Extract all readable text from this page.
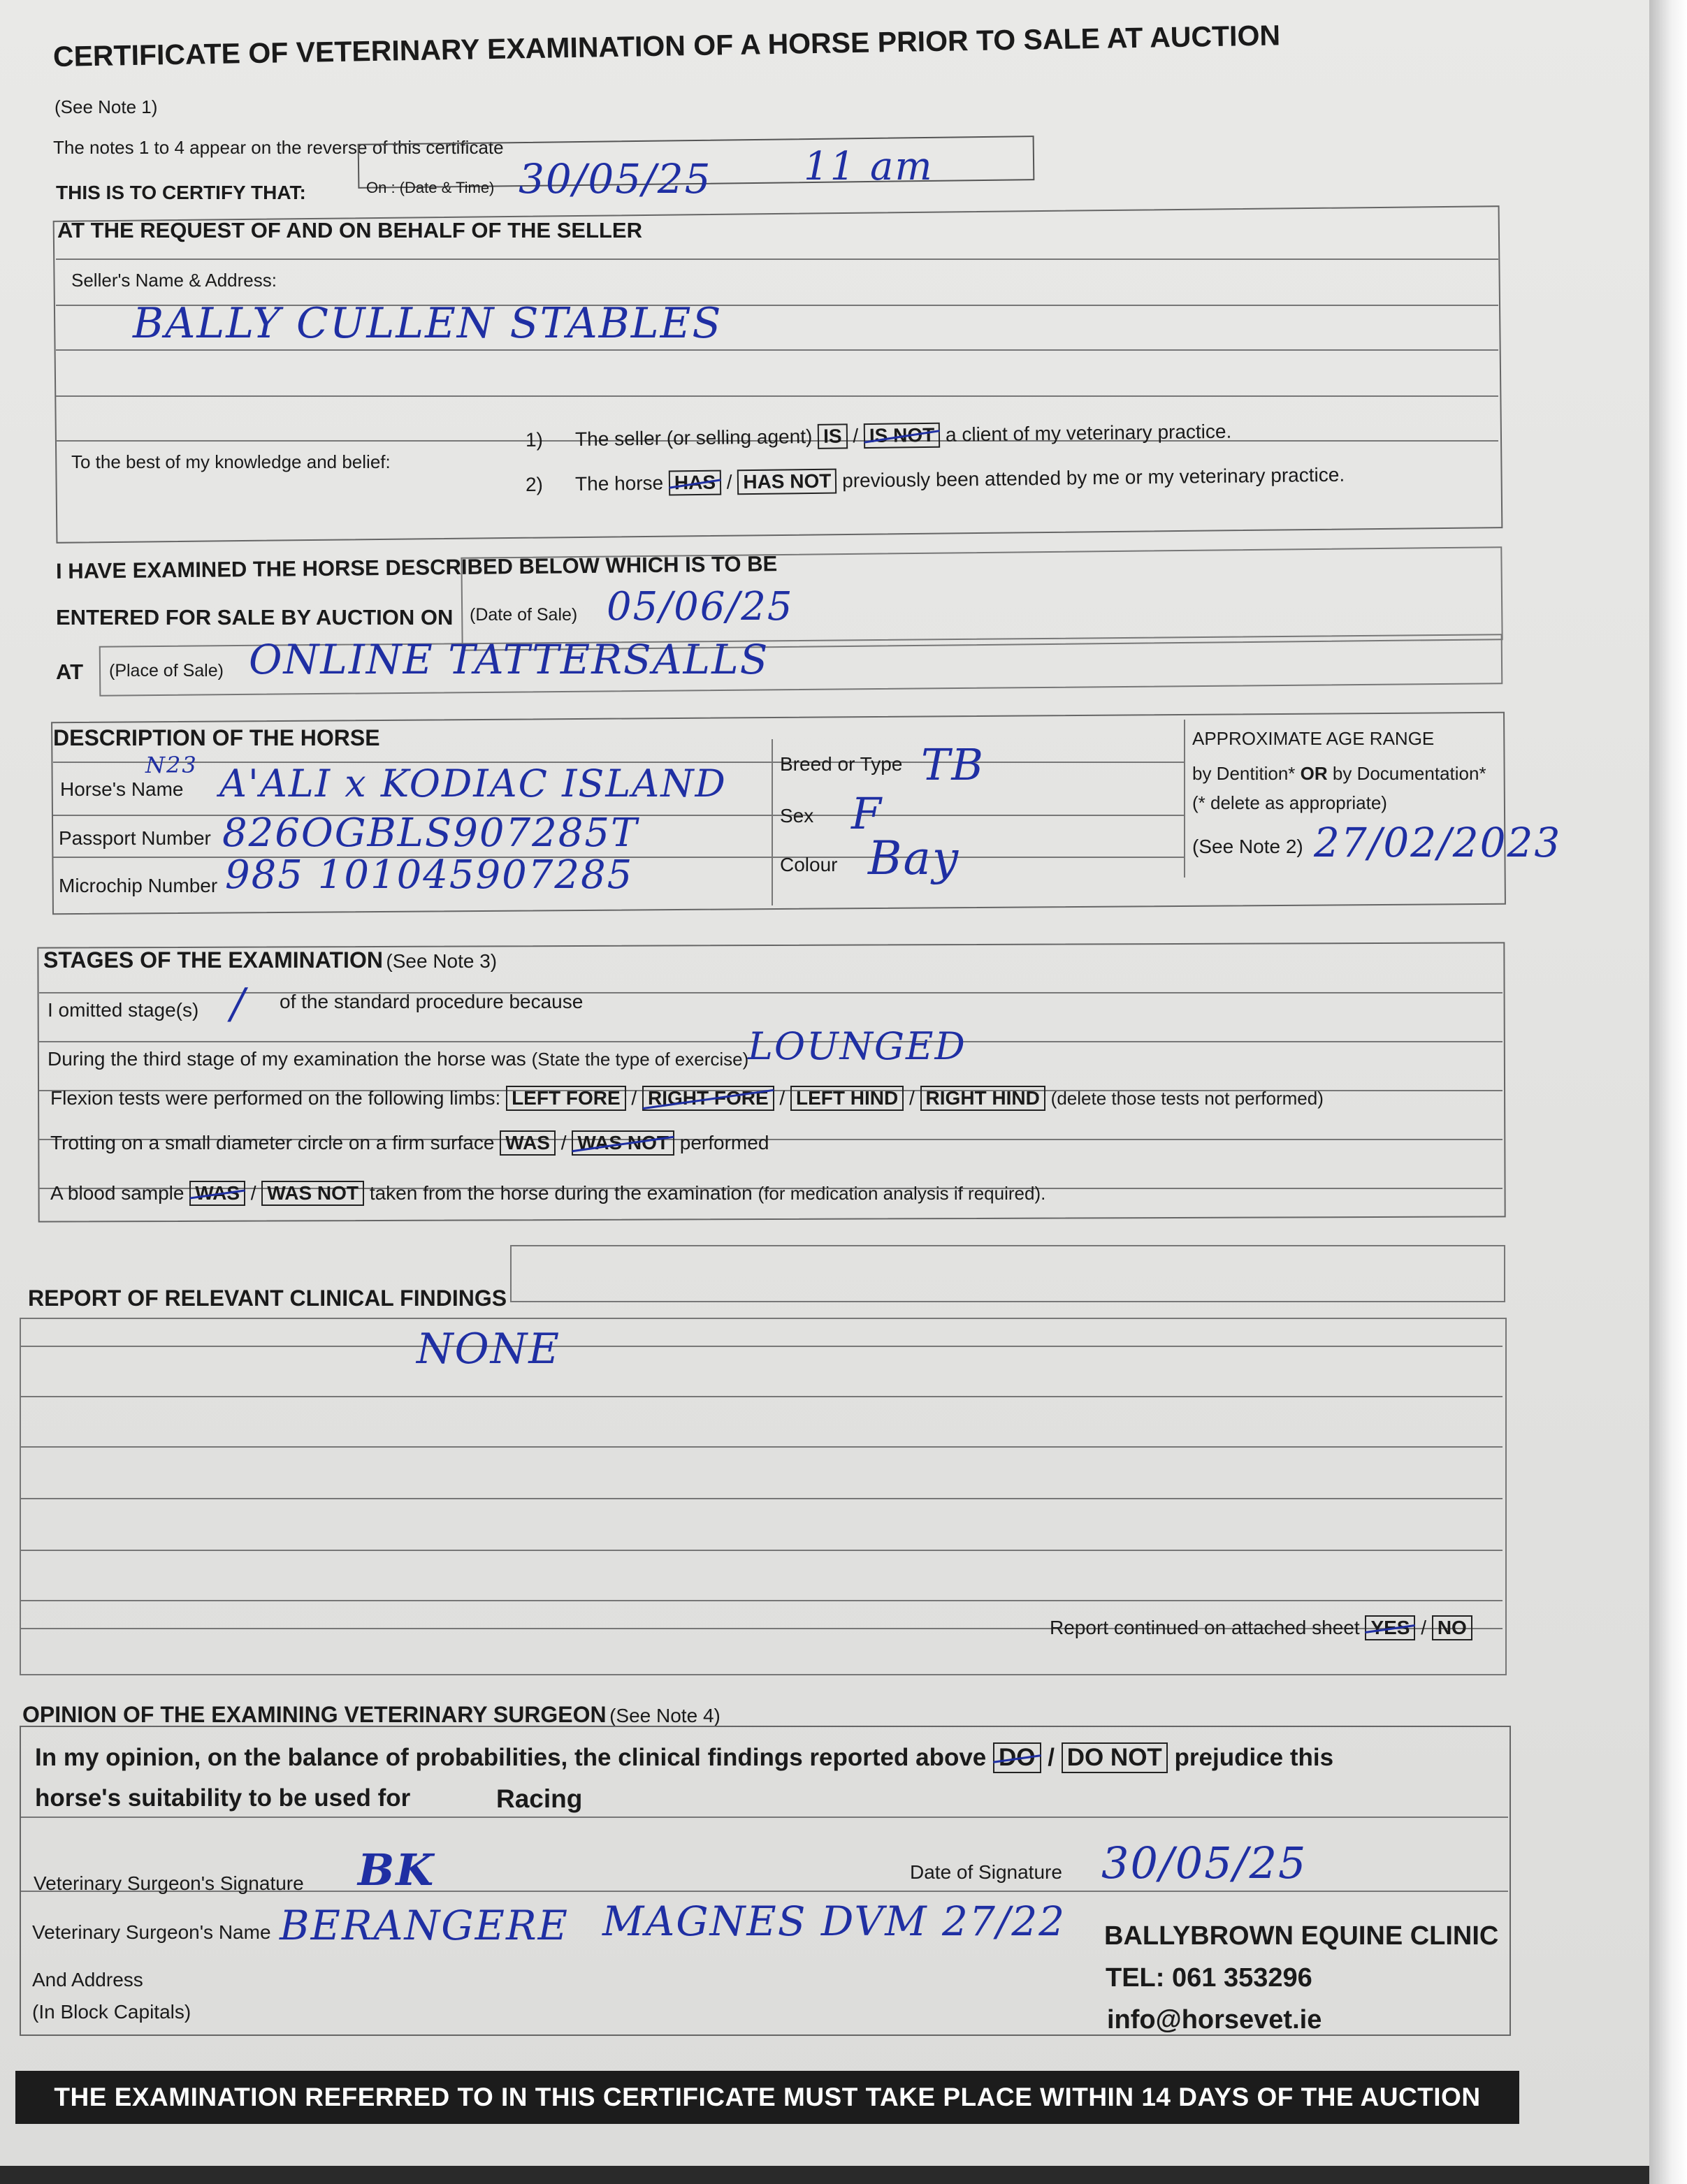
CERTIFICATE OF VETERINARY EXAMINATION OF A HORSE PRIOR TO SALE AT AUCTION
(See Note 1)
The notes 1 to 4 appear on the reverse of this certificate
THIS IS TO CERTIFY THAT:	On : (Date & Time) 30/05/25 11 am
AT THE REQUEST OF AND ON BEHALF OF THE SELLER
Seller's Name & Address:
BALLY CULLEN STABLES
To the best of my knowledge and belief:
1) The seller (or selling agent) IS / IS NOT a client of my veterinary practice.
2) The horse HAS / HAS NOT previously been attended by me or my veterinary practice.
I HAVE EXAMINED THE HORSE DESCRIBED BELOW WHICH IS TO BE
ENTERED FOR SALE BY AUCTION ON (Date of Sale) 05/06/25
AT (Place of Sale) ONLINE TATTERSALLS
DESCRIPTION OF THE HORSE
Horse's Name
N23 A'ALI x KODIAC ISLAND
Passport Number 826OGBLS907285T
Microchip Number 985 101045907285
Breed or Type TB
Sex F
Colour Bay
APPROXIMATE AGE RANGE
by Dentition* OR by Documentation*
(* delete as appropriate)
(See Note 2) 27/02/2023
STAGES OF THE EXAMINATION (See Note 3)
I omitted stage(s) / of the standard procedure because
During the third stage of my examination the horse was (State the type of exercise)
LOUNGED
Flexion tests were performed on the following limbs: LEFT FORE / RIGHT FORE / LEFT HIND / RIGHT HIND (delete those tests not performed)
Trotting on a small diameter circle on a firm surface WAS / WAS NOT performed
A blood sample WAS / WAS NOT taken from the horse during the examination (for medication analysis if required).
REPORT OF RELEVANT CLINICAL FINDINGS
NONE
Report continued on attached sheet YES / NO
OPINION OF THE EXAMINING VETERINARY SURGEON (See Note 4)
In my opinion, on the balance of probabilities, the clinical findings reported above DO / DO NOT prejudice this
horse's suitability to be used for	Racing
Veterinary Surgeon's Signature BK	Date of Signature 30/05/25
Veterinary Surgeon's Name BERANGERE MAGNES DVM 27/22
And Address
(In Block Capitals)
BALLYBROWN EQUINE CLINIC
TEL: 061 353296
info@horsevet.ie
THE EXAMINATION REFERRED TO IN THIS CERTIFICATE MUST TAKE PLACE WITHIN 14 DAYS OF THE AUCTION
